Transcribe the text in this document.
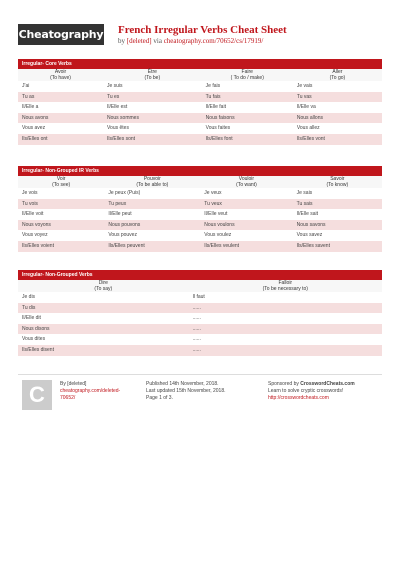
Cheatography French Irregular Verbs Cheat Sheet
by [deleted] via cheatography.com/70652/cs/17919/
Irregular- Core Verbs
Avoir	Être	Faire	Aller
(To have)	(To be)	( To do / make)	(To go)
J'ai	Je suis	Je fais	Je vais
Tu as	Tu es	Tu fais	Tu vas
Il/Elle a	Il/Elle est	Il/Elle fait	Il/Elle va
Nous avons	Nous sommes	Nous faisons	Nous allons
Vous avez	Vous êtes	Vous faites	Vous allez
Ils/Elles ont	Ils/Elles sont	Ils/Elles font	Ils/Elles vont
Irregular- Non-Grouped IR Verbs
Voir	Pouvoir	Vouloir	Savoir
(To see)	(To be able to)	(To want)	(To know)
Je vois	Je peux (Puis)	Je veux	Je sais
Tu vois	Tu peux	Tu veux	Tu sais
Il/Elle voit	Il/Elle peut	Il/Elle veut	Il/Elle sait
Nous voyons	Nous pouvons	Nous voulons	Nous savons
Vous voyez	Vous pouvez	Vous voulez	Vous savez
Ils/Elles voient	Ils/Elles peuvent	Ils/Elles veulent	Ils/Elles savent
Irregular- Non-Grouped Verbs
Dire	Falloir
(To say)	(To be necessary to)
Je dis	Il faut
Tu dis	......
Il/Elle dit	......
Nous disons	......
Vous dites	......
Ils/Elles disent	......
C	By [deleted]
cheatography.com/deleted-
70652/
Published 14th November, 2018.
Last updated 15th November, 2018.
Page 1 of 3.
Sponsored by CrosswordCheats.com
Learn to solve cryptic crosswords!
http://crosswordcheats.com
